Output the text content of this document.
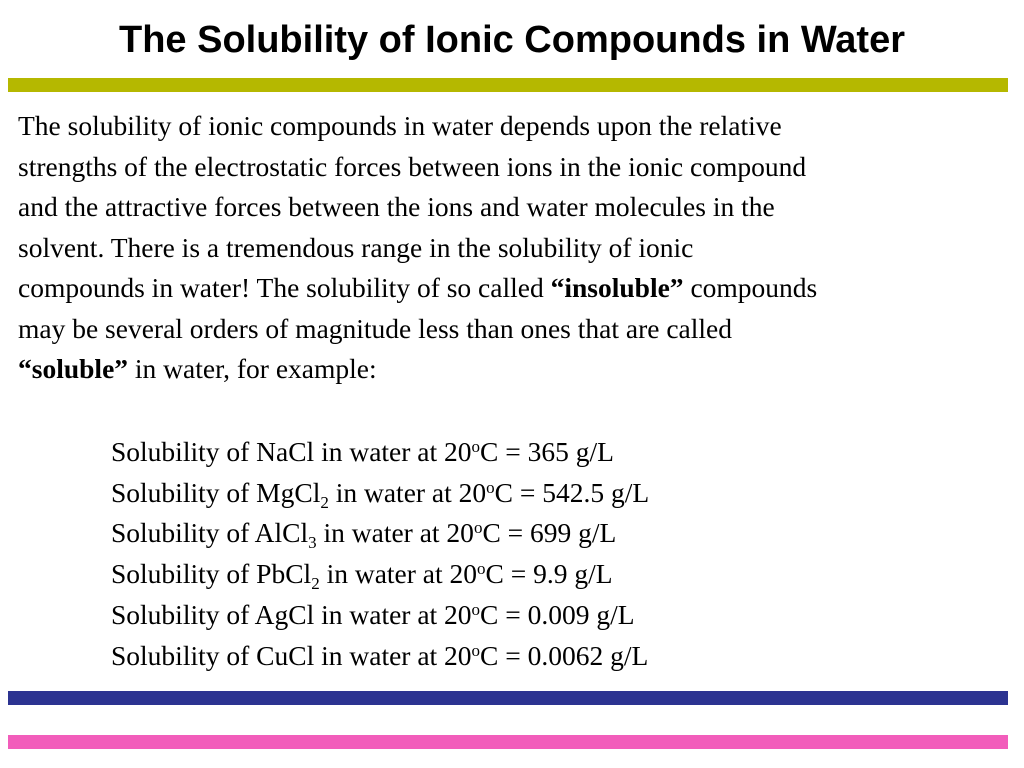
The Solubility of Ionic Compounds in Water
The solubility of ionic compounds in water depends upon the relative
strengths of the electrostatic forces between ions in the ionic compound
and the attractive forces between the ions and water molecules in the
solvent. There is a tremendous range in the solubility of ionic
compounds in water! The solubility of so called “insoluble” compounds
may be several orders of magnitude less than ones that are called
“soluble” in water, for example:
Solubility of NaCl in water at $20^oC = 365$ g/L
Solubility of MgCl$_2$ in water at $20^oC = 542.5$ g/L
Solubility of AlCl$_3$ in water at $20^oC = 699$ g/L
Solubility of PbCl$_2$ in water at $20^oC = 9.9$ g/L
Solubility of AgCl in water at $20^oC = 0.009$ g/L
Solubility of CuCl in water at $20^oC = 0.0062$ g/L
